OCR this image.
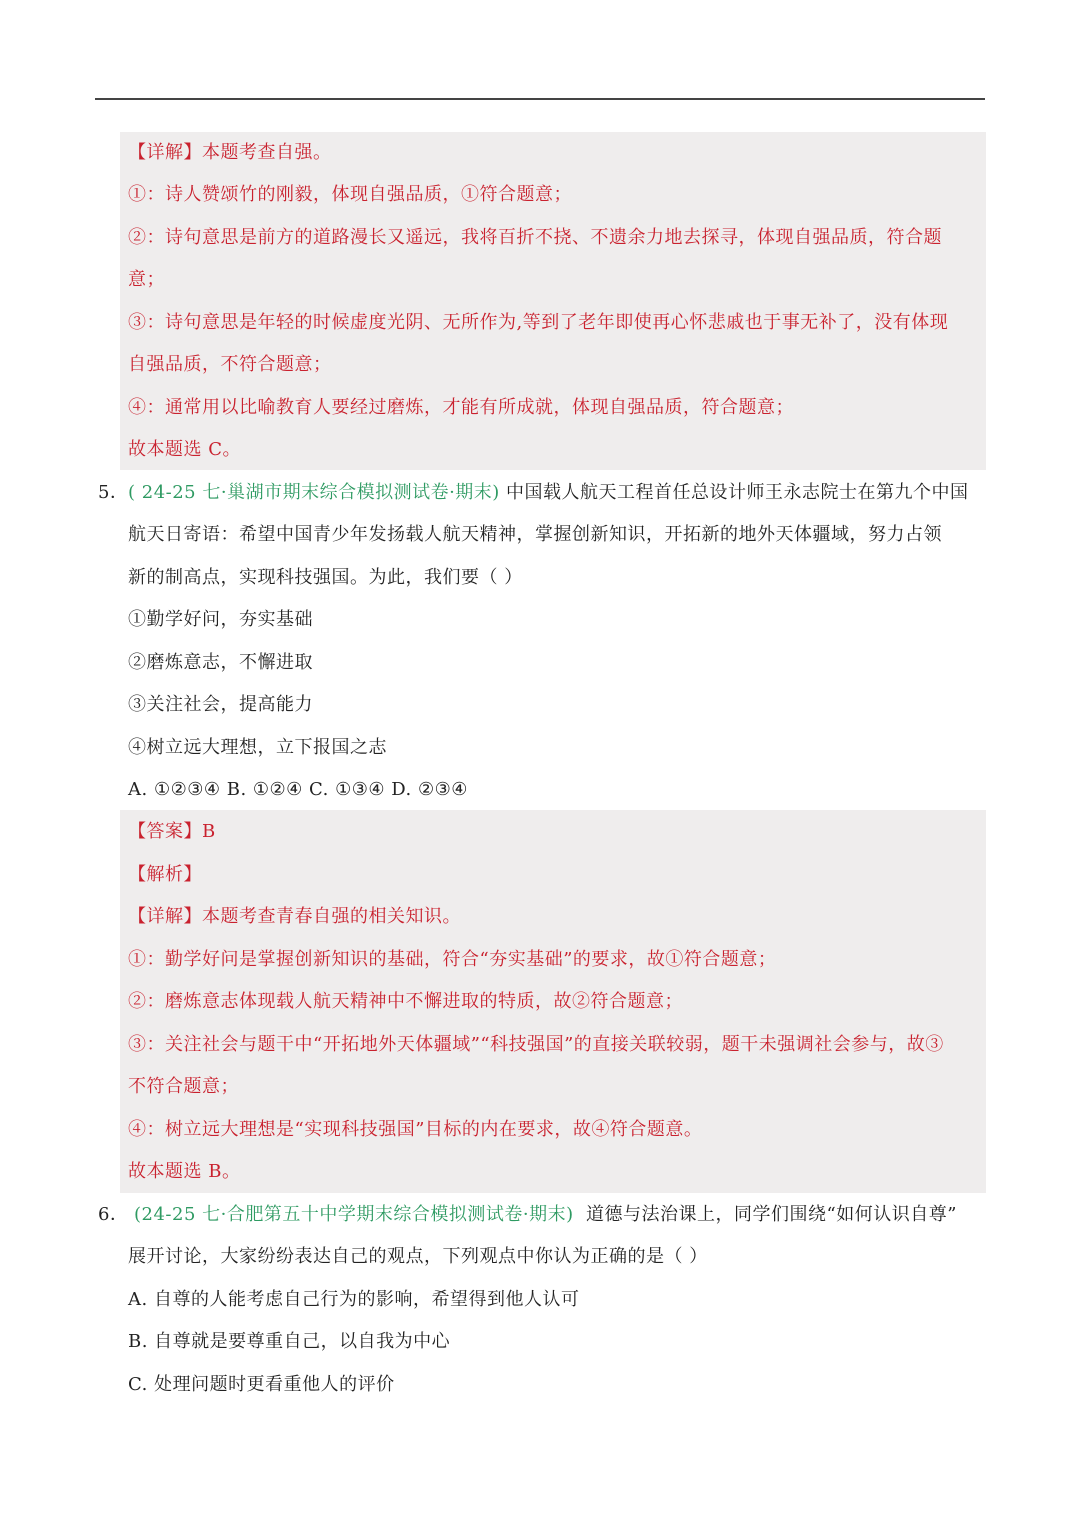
【详解】本题考查自强。
①：诗人赞颂竹的刚毅，体现自强品质，①符合题意；
②：诗句意思是前方的道路漫长又遥远，我将百折不挠、不遗余力地去探寻，体现自强品质，符合题
意；
③：诗句意思是年轻的时候虚度光阴、无所作为,等到了老年即使再心怀悲戚也于事无补了，没有体现
自强品质，不符合题意；
④：通常用以比喻教育人要经过磨炼，才能有所成就，体现自强品质，符合题意；
故本题选 C。
5． ( 24-25 七·巢湖市期末综合模拟测试卷·期末) 中国载人航天工程首任总设计师王永志院士在第九个中国
航天日寄语：希望中国青少年发扬载人航天精神，掌握创新知识，开拓新的地外天体疆域，努力占领
新的制高点，实现科技强国。为此，我们要（ ）
①勤学好问，夯实基础
②磨炼意志，不懈进取
③关注社会，提高能力
④树立远大理想，立下报国之志
A. ①②③④ B. ①②④ C. ①③④ D. ②③④
【答案】B
【解析】
【详解】本题考查青春自强的相关知识。
①：勤学好问是掌握创新知识的基础，符合“夯实基础”的要求，故①符合题意；
②：磨炼意志体现载人航天精神中不懈进取的特质，故②符合题意；
③：关注社会与题干中“开拓地外天体疆域”“科技强国”的直接关联较弱，题干未强调社会参与，故③
不符合题意；
④：树立远大理想是“实现科技强国”目标的内在要求，故④符合题意。
故本题选 B。
6． (24-25 七·合肥第五十中学期末综合模拟测试卷·期末) 道德与法治课上，同学们围绕“如何认识自尊”
展开讨论，大家纷纷表达自己的观点，下列观点中你认为正确的是（ ）
A. 自尊的人能考虑自己行为的影响，希望得到他人认可
B. 自尊就是要尊重自己，以自我为中心
C. 处理问题时更看重他人的评价
